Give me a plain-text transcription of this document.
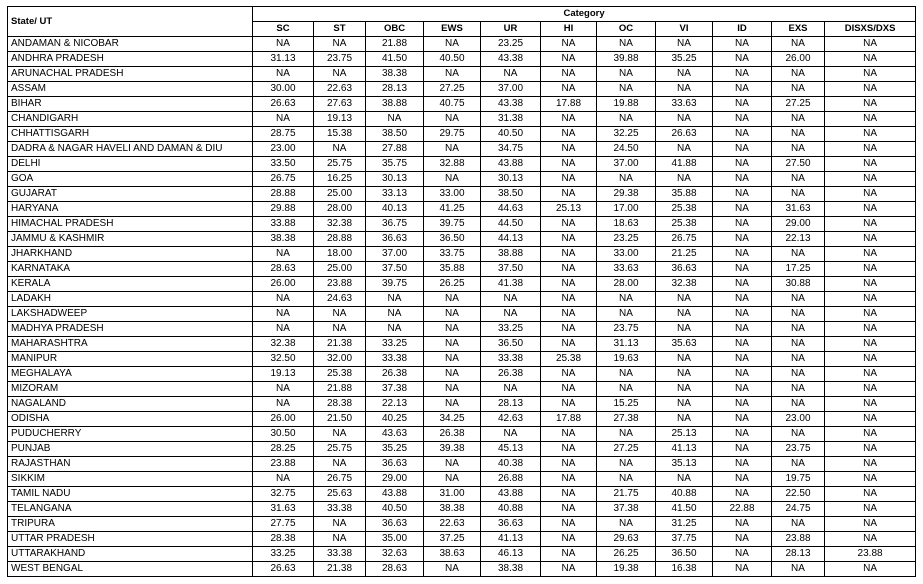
State/ UT	Category										
	SC	ST	OBC	EWS	UR	HI	OC	VI	ID	EXS	DISXS/DXS
ANDAMAN & NICOBAR	NA	NA	21.88	NA	23.25	NA	NA	NA	NA	NA	NA
ANDHRA PRADESH	31.13	23.75	41.50	40.50	43.38	NA	39.88	35.25	NA	26.00	NA
ARUNACHAL PRADESH	NA	NA	38.38	NA	NA	NA	NA	NA	NA	NA	NA
ASSAM	30.00	22.63	28.13	27.25	37.00	NA	NA	NA	NA	NA	NA
BIHAR	26.63	27.63	38.88	40.75	43.38	17.88	19.88	33.63	NA	27.25	NA
CHANDIGARH	NA	19.13	NA	NA	31.38	NA	NA	NA	NA	NA	NA
CHHATTISGARH	28.75	15.38	38.50	29.75	40.50	NA	32.25	26.63	NA	NA	NA
DADRA & NAGAR HAVELI AND DAMAN & DIU	23.00	NA	27.88	NA	34.75	NA	24.50	NA	NA	NA	NA
DELHI	33.50	25.75	35.75	32.88	43.88	NA	37.00	41.88	NA	27.50	NA
GOA	26.75	16.25	30.13	NA	30.13	NA	NA	NA	NA	NA	NA
GUJARAT	28.88	25.00	33.13	33.00	38.50	NA	29.38	35.88	NA	NA	NA
HARYANA	29.88	28.00	40.13	41.25	44.63	25.13	17.00	25.38	NA	31.63	NA
HIMACHAL PRADESH	33.88	32.38	36.75	39.75	44.50	NA	18.63	25.38	NA	29.00	NA
JAMMU & KASHMIR	38.38	28.88	36.63	36.50	44.13	NA	23.25	26.75	NA	22.13	NA
JHARKHAND	NA	18.00	37.00	33.75	38.88	NA	33.00	21.25	NA	NA	NA
KARNATAKA	28.63	25.00	37.50	35.88	37.50	NA	33.63	36.63	NA	17.25	NA
KERALA	26.00	23.88	39.75	26.25	41.38	NA	28.00	32.38	NA	30.88	NA
LADAKH	NA	24.63	NA	NA	NA	NA	NA	NA	NA	NA	NA
LAKSHADWEEP	NA	NA	NA	NA	NA	NA	NA	NA	NA	NA	NA
MADHYA PRADESH	NA	NA	NA	NA	33.25	NA	23.75	NA	NA	NA	NA
MAHARASHTRA	32.38	21.38	33.25	NA	36.50	NA	31.13	35.63	NA	NA	NA
MANIPUR	32.50	32.00	33.38	NA	33.38	25.38	19.63	NA	NA	NA	NA
MEGHALAYA	19.13	25.38	26.38	NA	26.38	NA	NA	NA	NA	NA	NA
MIZORAM	NA	21.88	37.38	NA	NA	NA	NA	NA	NA	NA	NA
NAGALAND	NA	28.38	22.13	NA	28.13	NA	15.25	NA	NA	NA	NA
ODISHA	26.00	21.50	40.25	34.25	42.63	17.88	27.38	NA	NA	23.00	NA
PUDUCHERRY	30.50	NA	43.63	26.38	NA	NA	NA	25.13	NA	NA	NA
PUNJAB	28.25	25.75	35.25	39.38	45.13	NA	27.25	41.13	NA	23.75	NA
RAJASTHAN	23.88	NA	36.63	NA	40.38	NA	NA	35.13	NA	NA	NA
SIKKIM	NA	26.75	29.00	NA	26.88	NA	NA	NA	NA	19.75	NA
TAMIL NADU	32.75	25.63	43.88	31.00	43.88	NA	21.75	40.88	NA	22.50	NA
TELANGANA	31.63	33.38	40.50	38.38	40.88	NA	37.38	41.50	22.88	24.75	NA
TRIPURA	27.75	NA	36.63	22.63	36.63	NA	NA	31.25	NA	NA	NA
UTTAR PRADESH	28.38	NA	35.00	37.25	41.13	NA	29.63	37.75	NA	23.88	NA
UTTARAKHAND	33.25	33.38	32.63	38.63	46.13	NA	26.25	36.50	NA	28.13	23.88
WEST BENGAL	26.63	21.38	28.63	NA	38.38	NA	19.38	16.38	NA	NA	NA
